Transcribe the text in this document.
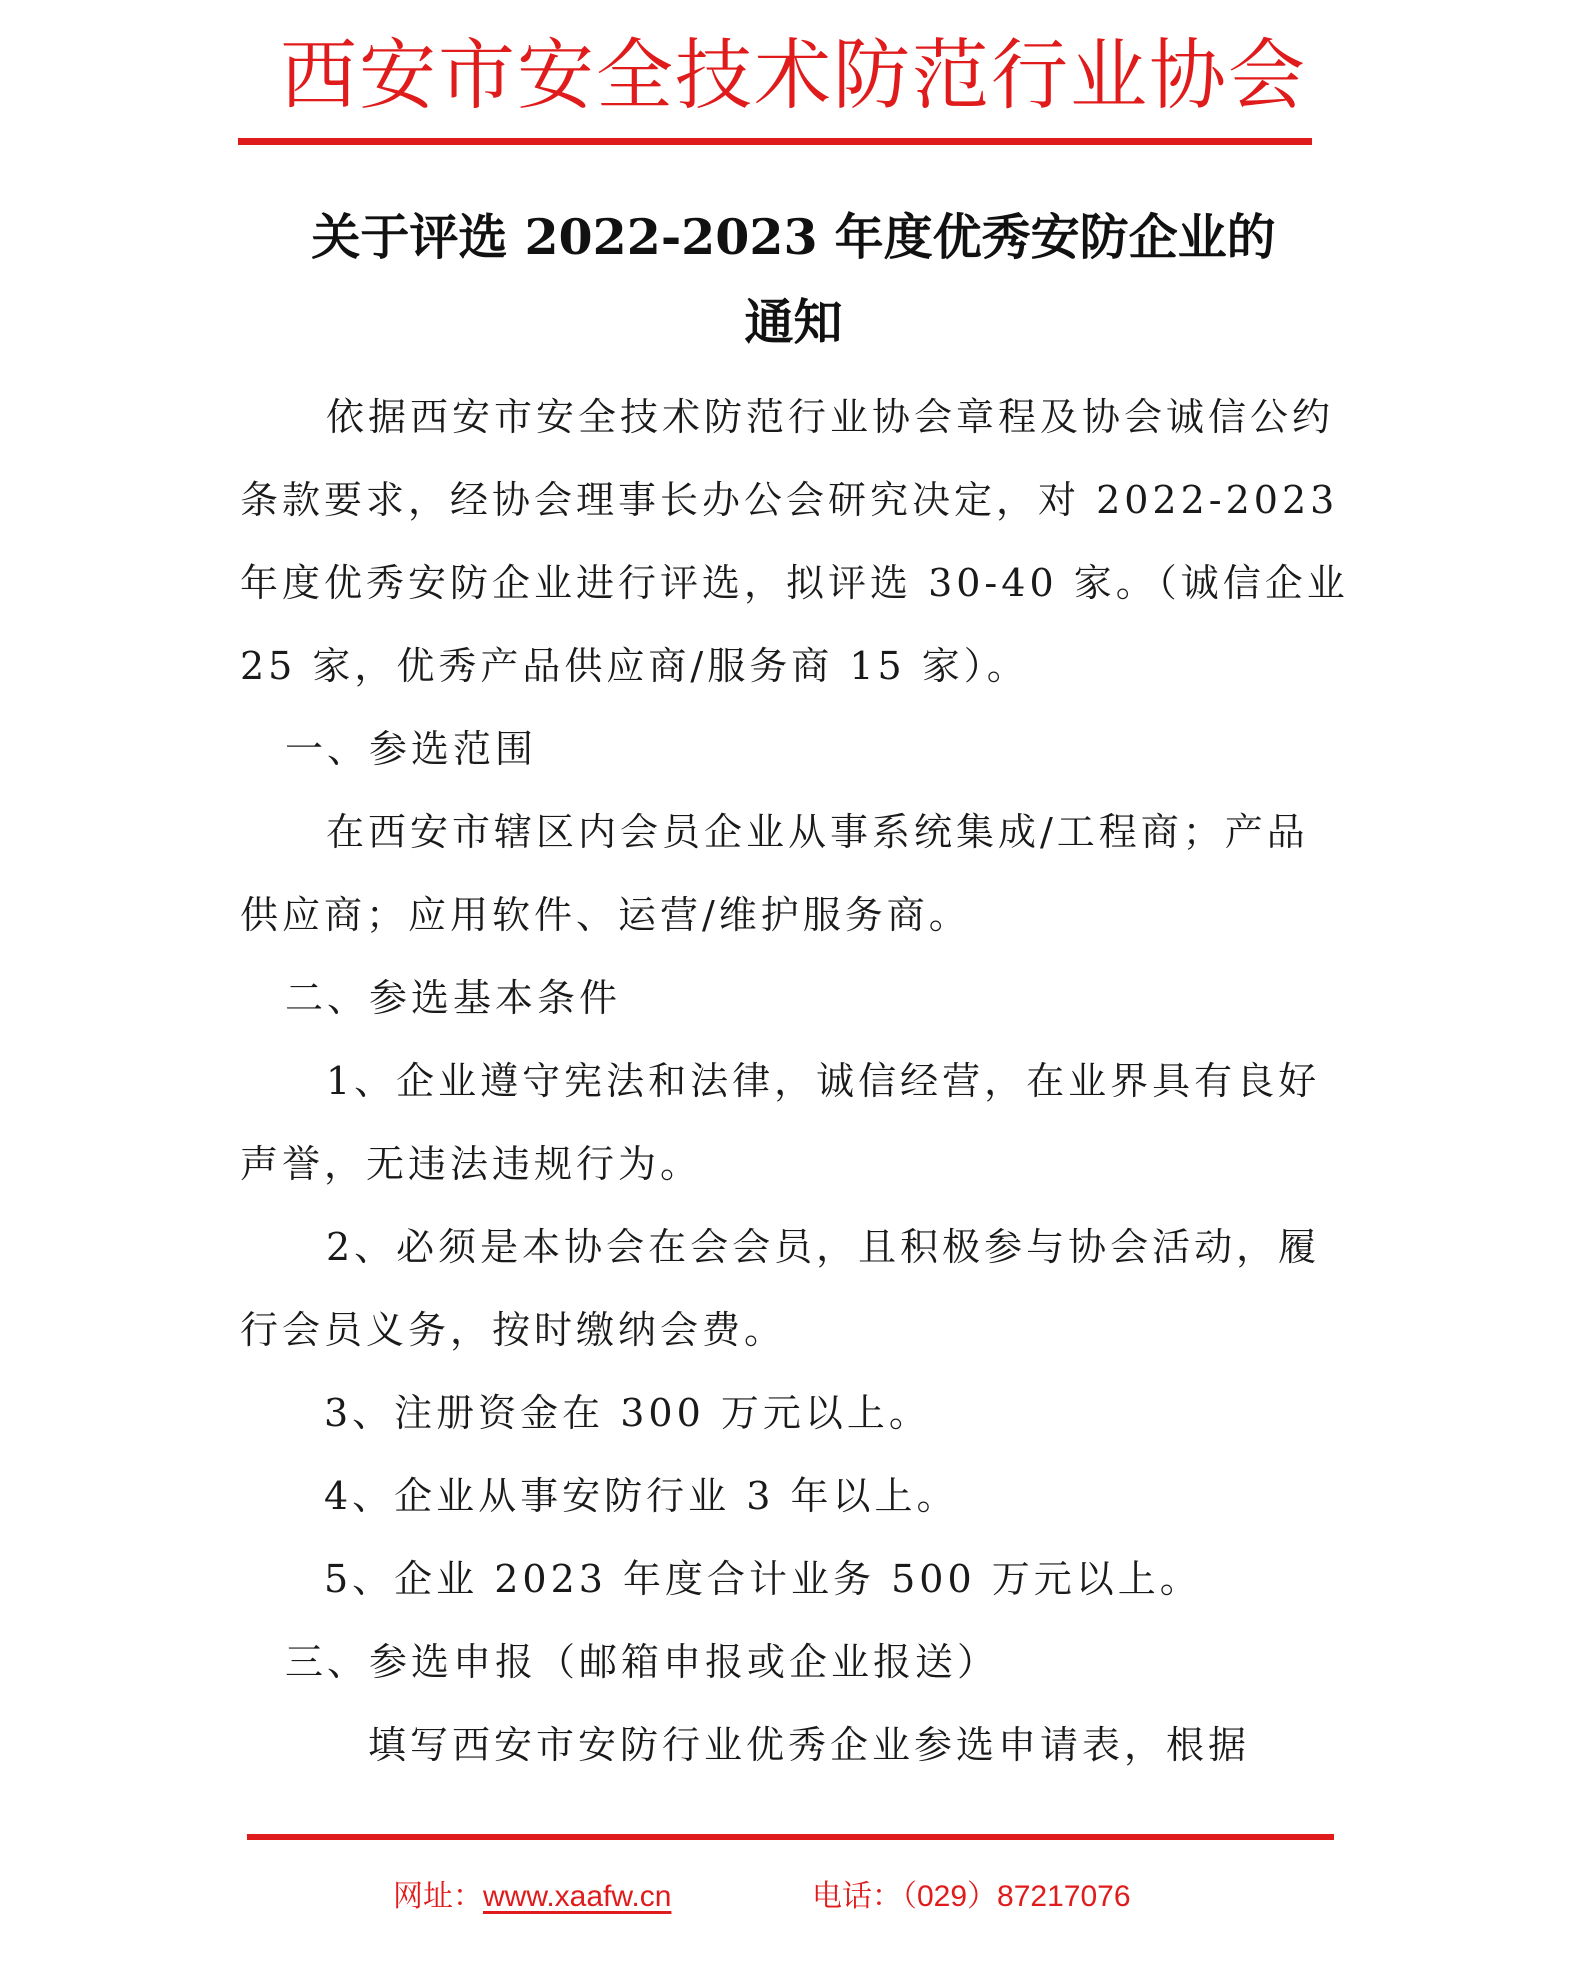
西安市安全技术防范行业协会
关于评选 2022-2023 年度优秀安防企业的
通知

依据西安市安全技术防范行业协会章程及协会诚信公约条款要求，经协会理事长办公会研究决定，对 2022-2023 年度优秀安防企业进行评选，拟评选 30-40 家。（诚信企业 25 家，优秀产品供应商/服务商 15 家）。

一、参选范围

在西安市辖区内会员企业从事系统集成/工程商；产品供应商；应用软件、运营/维护服务商。

二、参选基本条件

1、企业遵守宪法和法律，诚信经营，在业界具有良好声誉，无违法违规行为。

2、必须是本协会在会会员，且积极参与协会活动，履行会员义务，按时缴纳会费。

3、注册资金在 300 万元以上。

4、企业从事安防行业 3 年以上。

5、企业 2023 年度合计业务 500 万元以上。

三、参选申报（邮箱申报或企业报送）

填写西安市安防行业优秀企业参选申请表，根据

网址：www.xaafw.cn	电话：（029）87217076
